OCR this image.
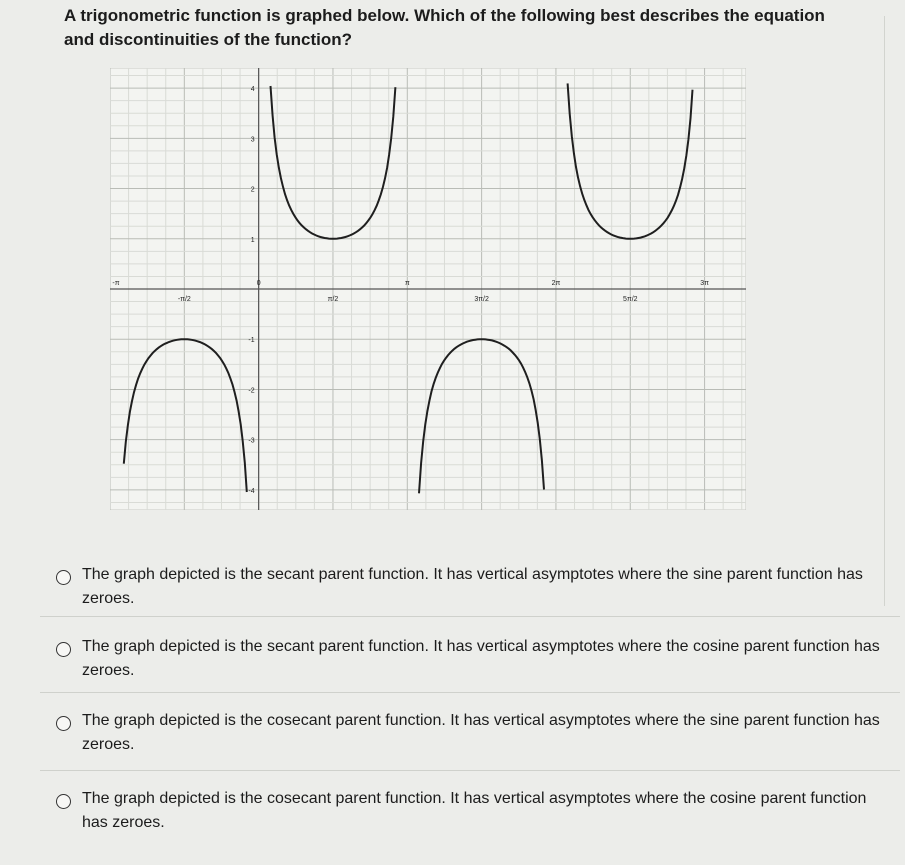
A trigonometric function is graphed below. Which of the following best describes the equation and discontinuities of the function?

-π
-π/2
0
π/2
π
3π/2
2π
5π/2
3π
4
3
2
1
-1
-2
-3
-4
The graph depicted is the secant parent function. It has vertical asymptotes where the sine parent function has zeroes.
The graph depicted is the secant parent function. It has vertical asymptotes where the cosine parent function has zeroes.
The graph depicted is the cosecant parent function. It has vertical asymptotes where the sine parent function has zeroes.
The graph depicted is the cosecant parent function. It has vertical asymptotes where the cosine parent function has zeroes.
